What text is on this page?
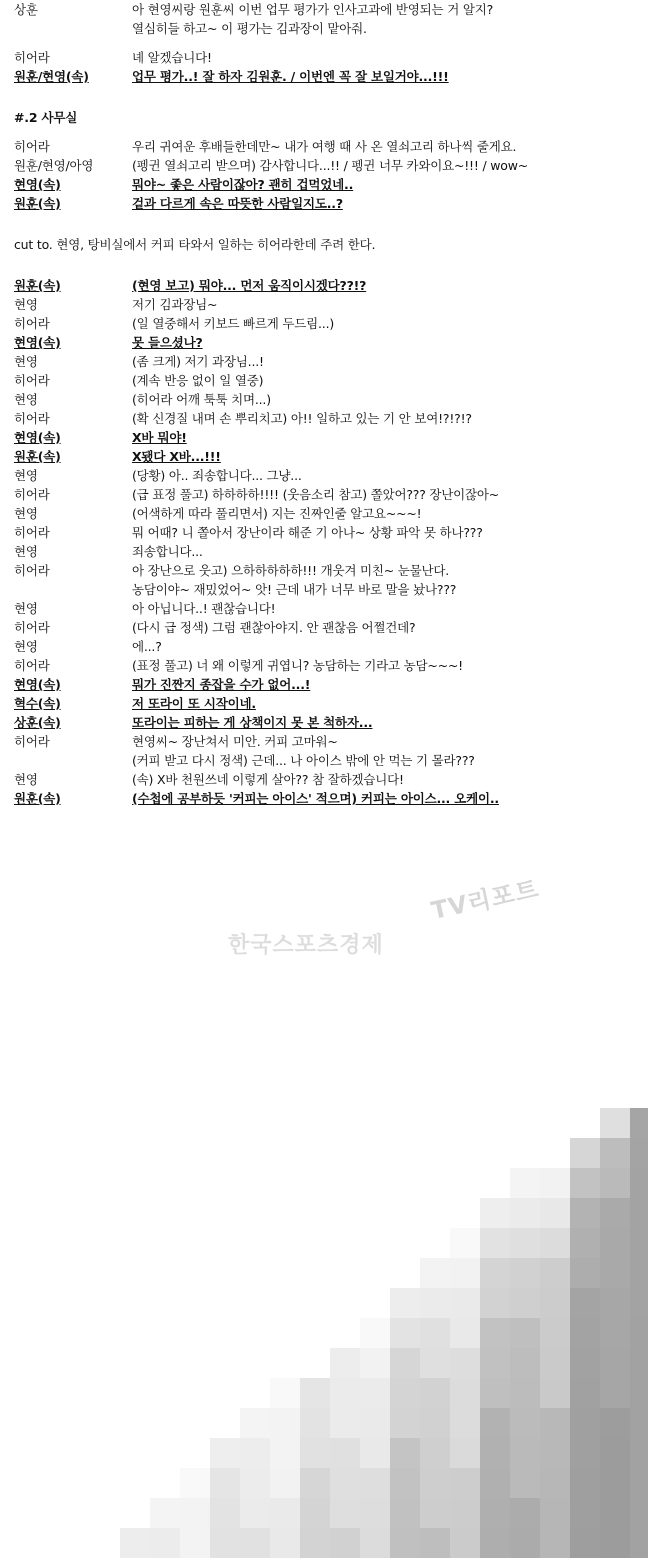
상훈	아 현영씨랑 원훈씨 이번 업무 평가가 인사고과에 반영되는 거 알지?
열심히들 하고~ 이 평가는 김과장이 맡아줘.
히어라	녜 알겠습니다!
원훈/현영(속)	업무 평가..! 잘 하자 김원훈. / 이번엔 꼭 잘 보일거야...!!!
#.2 사무실
히어라	우리 귀여운 후배들한데만~ 내가 여행 때 사 온 열쇠고리 하나씩 줄게요.
원훈/현영/아영	(펭귄 열쇠고리 받으며) 감사합니다...!! / 펭귄 너무 카와이요~!!! / wow~
현영(속)	뭐야~ 좋은 사람이잖아? 괜히 겁먹었네..
원훈(속)	겉과 다르게 속은 따뜻한 사람일지도..?
cut to. 현영, 탕비실에서 커피 타와서 일하는 히어라한데 주려 한다.
원훈(속)	(현영 보고) 뭐야... 먼저 움직이시겠다??!?
현영	저기 김과장님~
히어라	(일 열중해서 키보드 빠르게 두드림...)
현영(속)	못 들으셨나?
현영	(좀 크게) 저기 과장님...!
히어라	(계속 반응 없이 일 열중)
현영	(히어라 어깨 툭툭 치며...)
히어라	(확 신경질 내며 손 뿌리치고) 아!! 일하고 있는 기 안 보여!?!?!?
현영(속)	X바 뭐야!
원훈(속)	X됐다 X바...!!!
현영	(당황) 아.. 죄송합니다... 그냥...
히어라	(급 표정 풀고) 하하하하!!!! (웃음소리 참고) 쫄았어??? 장난이잖아~
현영	(어색하게 따라 풀리면서) 지는 진짜인줄 알고요~~~!
히어라	뭐 어때? 니 쫄아서 장난이라 해준 기 아나~ 상황 파악 못 하나???
현영	죄송합니다...
히어라	아 장난으로 웃고) 으하하하하하!!! 개웃겨 미친~ 눈물난다.
농담이야~ 재밌었어~ 앗! 근데 내가 너무 바로 말을 놨나???
현영	아 아닙니다..! 괜찮습니다!
히어라	(다시 급 정색) 그럼 괜찮아야지. 안 괜찮음 어쩔건데?
현영	에...?
히어라	(표정 풀고) 너 왜 이렇게 귀엽니? 농담하는 기라고 농담~~~!
현영(속)	뭐가 진짠지 종잡을 수가 없어...!
혁수(속)	저 또라이 또 시작이네.
상훈(속)	또라이는 피하는 게 상책이지 못 본 척하자...
히어라	현영씨~ 장난쳐서 미안. 커피 고마워~
(커피 받고 다시 정색) 근데... 나 아이스 밖에 안 먹는 기 몰라???
현영	(속) X바 천원쓰네 이렇게 살아?? 참 잘하겠습니다!
원훈(속)	(수첩에 공부하듯 '커피는 아이스' 적으며) 커피는 아이스... 오케이..
TV리포트
한국스포츠경제
